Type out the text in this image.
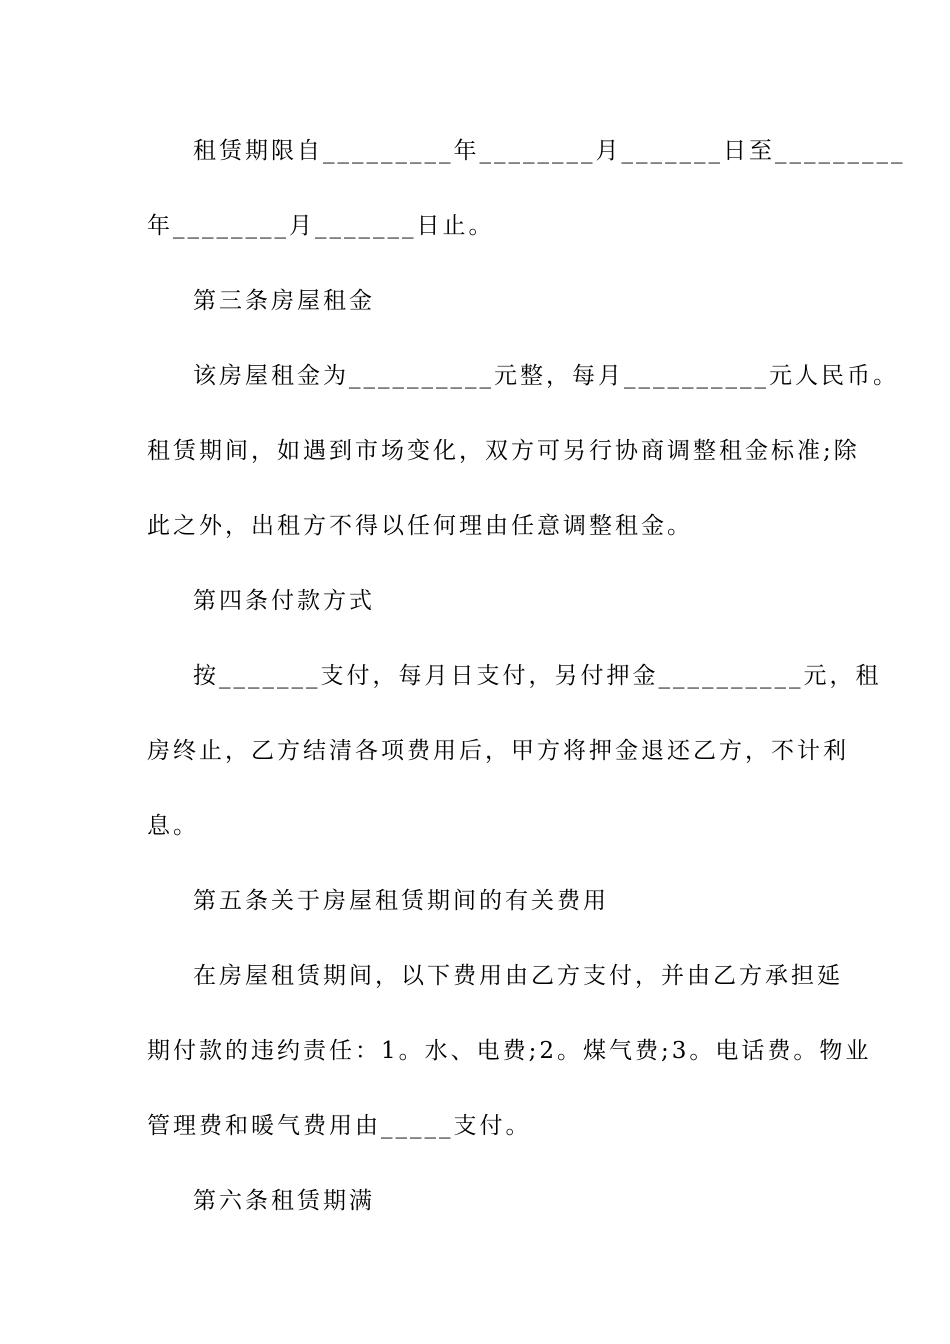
租赁期限自_________年________月_______日至_________
年________月_______日止。
第三条房屋租金
该房屋租金为__________元整，每月__________元人民币。
租赁期间，如遇到市场变化，双方可另行协商调整租金标准;除
此之外，出租方不得以任何理由任意调整租金。
第四条付款方式
按_______支付，每月日支付，另付押金__________元，租
房终止，乙方结清各项费用后，甲方将押金退还乙方，不计利
息。
第五条关于房屋租赁期间的有关费用
在房屋租赁期间，以下费用由乙方支付，并由乙方承担延
期付款的违约责任：1。水、电费;2。煤气费;3。电话费。物业
管理费和暖气费用由_____支付。
第六条租赁期满
